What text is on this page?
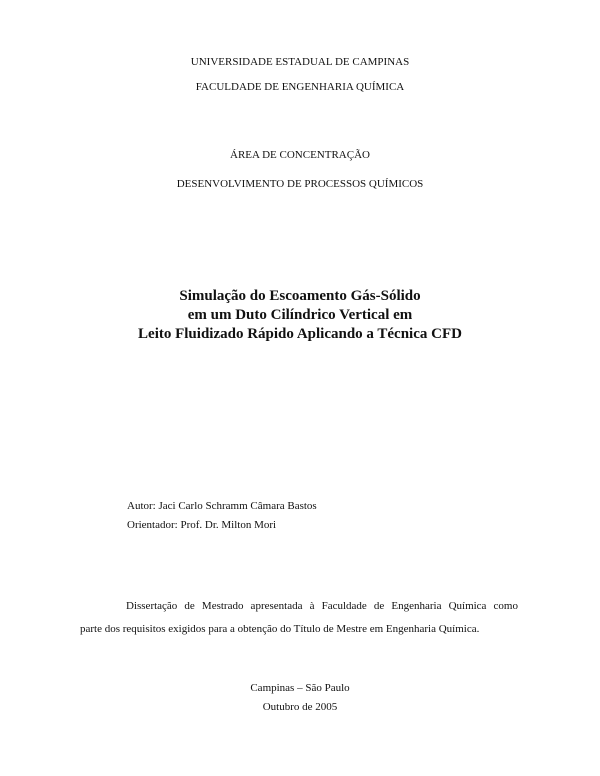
UNIVERSIDADE ESTADUAL DE CAMPINAS
FACULDADE DE ENGENHARIA QUÍMICA
ÁREA DE CONCENTRAÇÃO
DESENVOLVIMENTO DE PROCESSOS QUÍMICOS
Simulação do Escoamento Gás-Sólido
em um Duto Cilíndrico Vertical em
Leito Fluidizado Rápido Aplicando a Técnica CFD
Autor: Jaci Carlo Schramm Câmara Bastos
Orientador: Prof. Dr. Milton Mori
Dissertação de Mestrado apresentada à Faculdade de Engenharia Química como
parte dos requisitos exigidos para a obtenção do Título de Mestre em Engenharia Química.
Campinas – São Paulo
Outubro de 2005
